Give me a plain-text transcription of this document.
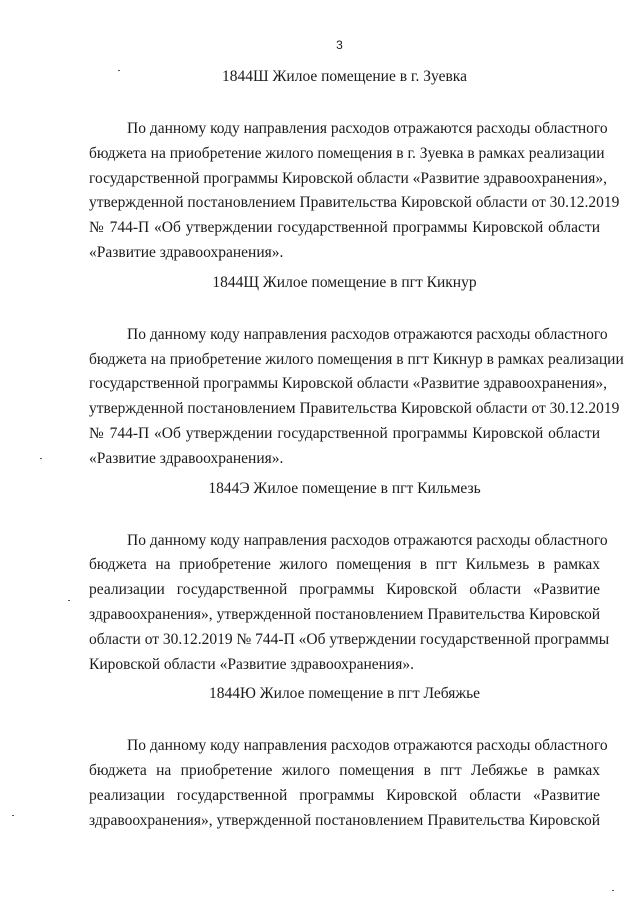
3
1844Ш Жилое помещение в г. Зуевка
По данному коду направления расходов отражаются расходы областного
бюджета на приобретение жилого помещения в г. Зуевка в рамках реализации
государственной программы Кировской области «Развитие здравоохранения»,
утвержденной постановлением Правительства Кировской области от 30.12.2019
№ 744-П «Об утверждении государственной программы Кировской области
«Развитие здравоохранения».
1844Щ Жилое помещение в пгт Кикнур
По данному коду направления расходов отражаются расходы областного
бюджета на приобретение жилого помещения в пгт Кикнур в рамках реализации
государственной программы Кировской области «Развитие здравоохранения»,
утвержденной постановлением Правительства Кировской области от 30.12.2019
№ 744-П «Об утверждении государственной программы Кировской области
«Развитие здравоохранения».
1844Э Жилое помещение в пгт Кильмезь
По данному коду направления расходов отражаются расходы областного
бюджета на приобретение жилого помещения в пгт Кильмезь в рамках
реализации государственной программы Кировской области «Развитие
здравоохранения», утвержденной постановлением Правительства Кировской
области от 30.12.2019 № 744-П «Об утверждении государственной программы
Кировской области «Развитие здравоохранения».
1844Ю Жилое помещение в пгт Лебяжье
По данному коду направления расходов отражаются расходы областного
бюджета на приобретение жилого помещения в пгт Лебяжье в рамках
реализации государственной программы Кировской области «Развитие
здравоохранения», утвержденной постановлением Правительства Кировской
